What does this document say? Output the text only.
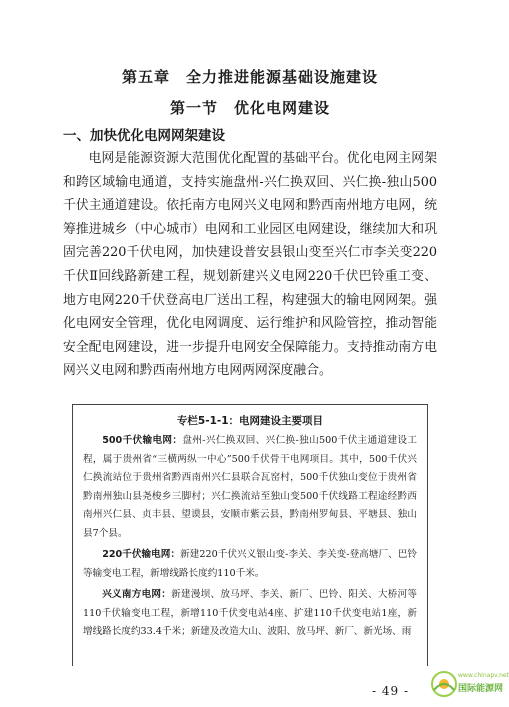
第五章　全力推进能源基础设施建设
第一节　优化电网建设
一、加快优化电网网架建设

电网是能源资源大范围优化配置的基础平台。优化电网主网架和跨区域输电通道，支持实施盘州-兴仁换双回、兴仁换-独山500千伏主通道建设。依托南方电网兴义电网和黔西南州地方电网，统筹推进城乡（中心城市）电网和工业园区电网建设，继续加大和巩固完善220千伏电网，加快建设普安县银山变至兴仁市李关变220千伏Ⅱ回线路新建工程，规划新建兴义电网220千伏巴铃重工变、地方电网220千伏登高电厂送出工程，构建强大的输电网网架。强化电网安全管理，优化电网调度、运行维护和风险管控，推动智能安全配电网建设，进一步提升电网安全保障能力。支持推动南方电网兴义电网和黔西南州地方电网两网深度融合。

专栏5-1-1：电网建设主要项目

500千伏输电网：盘州-兴仁换双回、兴仁换-独山500千伏主通道建设工程，属于贵州省“三横两纵一中心”500千伏骨干电网项目。其中，500千伏兴仁换流站位于贵州省黔西南州兴仁县联合瓦窑村，500千伏独山变位于贵州省黔南州独山县尧梭乡三脚村；兴仁换流站至独山变500千伏线路工程途经黔西南州兴仁县、贞丰县、望谟县，安顺市紫云县，黔南州罗甸县、平塘县、独山县7个县。

220千伏输电网：新建220千伏兴义银山变-李关、李关变-登高塘厂、巴铃等输变电工程，新增线路长度约110千米。

兴义南方电网：新建漫坝、放马坪、李关、新厂、巴铃、阳关、大桥河等110千伏输变电工程，新增110千伏变电站4座、扩建110千伏变电站1座，新增线路长度约33.4千米；新建及改造大山、波阳、放马坪、新厂、新光场、雨

- 49 -
www.chinapv.net
国际能源网
